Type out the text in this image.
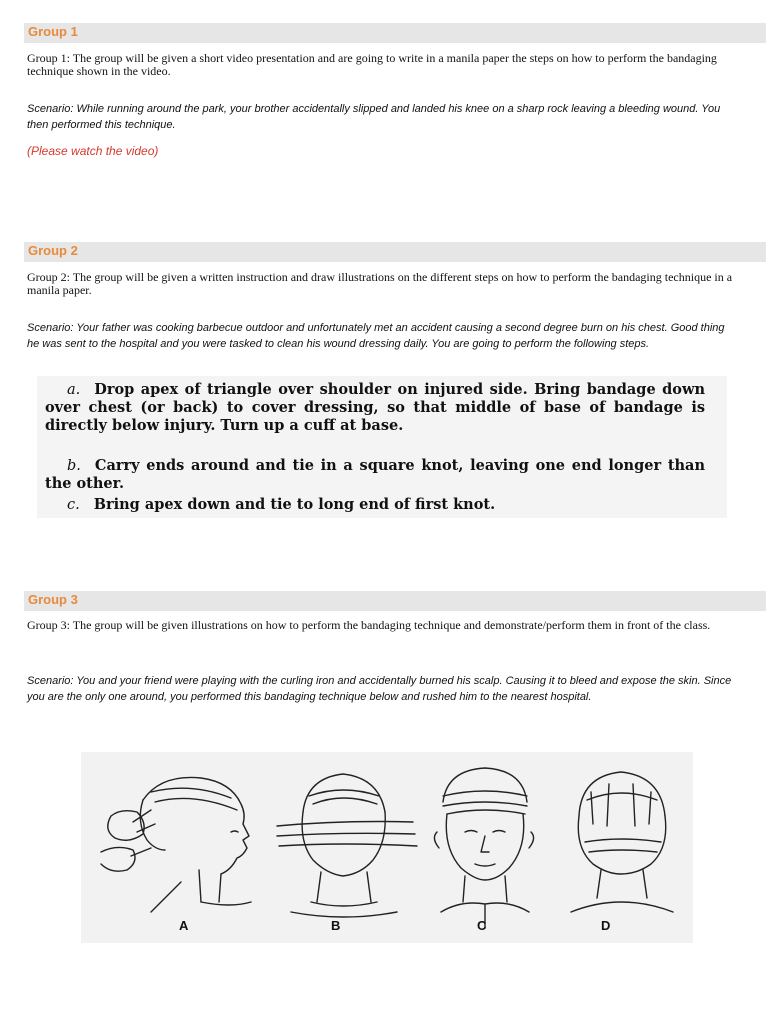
Group 1
Group 1: The group will be given a short video presentation and are going to write in a manila paper the steps on how to perform the bandaging technique shown in the video.
Scenario: While running around the park, your brother accidentally slipped and landed his knee on a sharp rock leaving a bleeding wound. You then performed this technique.
(Please watch the video)
Group 2
Group 2: The group will be given a written instruction and draw illustrations on the different steps on how to perform the bandaging technique in a manila paper.
Scenario: Your father was cooking barbecue outdoor and unfortunately met an accident causing a second degree burn on his chest. Good thing he was sent to the hospital and you were tasked to clean his wound dressing daily. You are going to perform the following steps.
a. Drop apex of triangle over shoulder on injured side. Bring bandage down over chest (or back) to cover dressing, so that middle of base of bandage is directly below injury. Turn up a cuff at base.
b. Carry ends around and tie in a square knot, leaving one end longer than the other.
c. Bring apex down and tie to long end of first knot.
Group 3
Group 3: The group will be given illustrations on how to perform the bandaging technique and demonstrate/perform them in front of the class.
Scenario: You and your friend were playing with the curling iron and accidentally burned his scalp. Causing it to bleed and expose the skin. Since you are the only one around, you performed this bandaging technique below and rushed him to the nearest hospital.
A	B	C	D
